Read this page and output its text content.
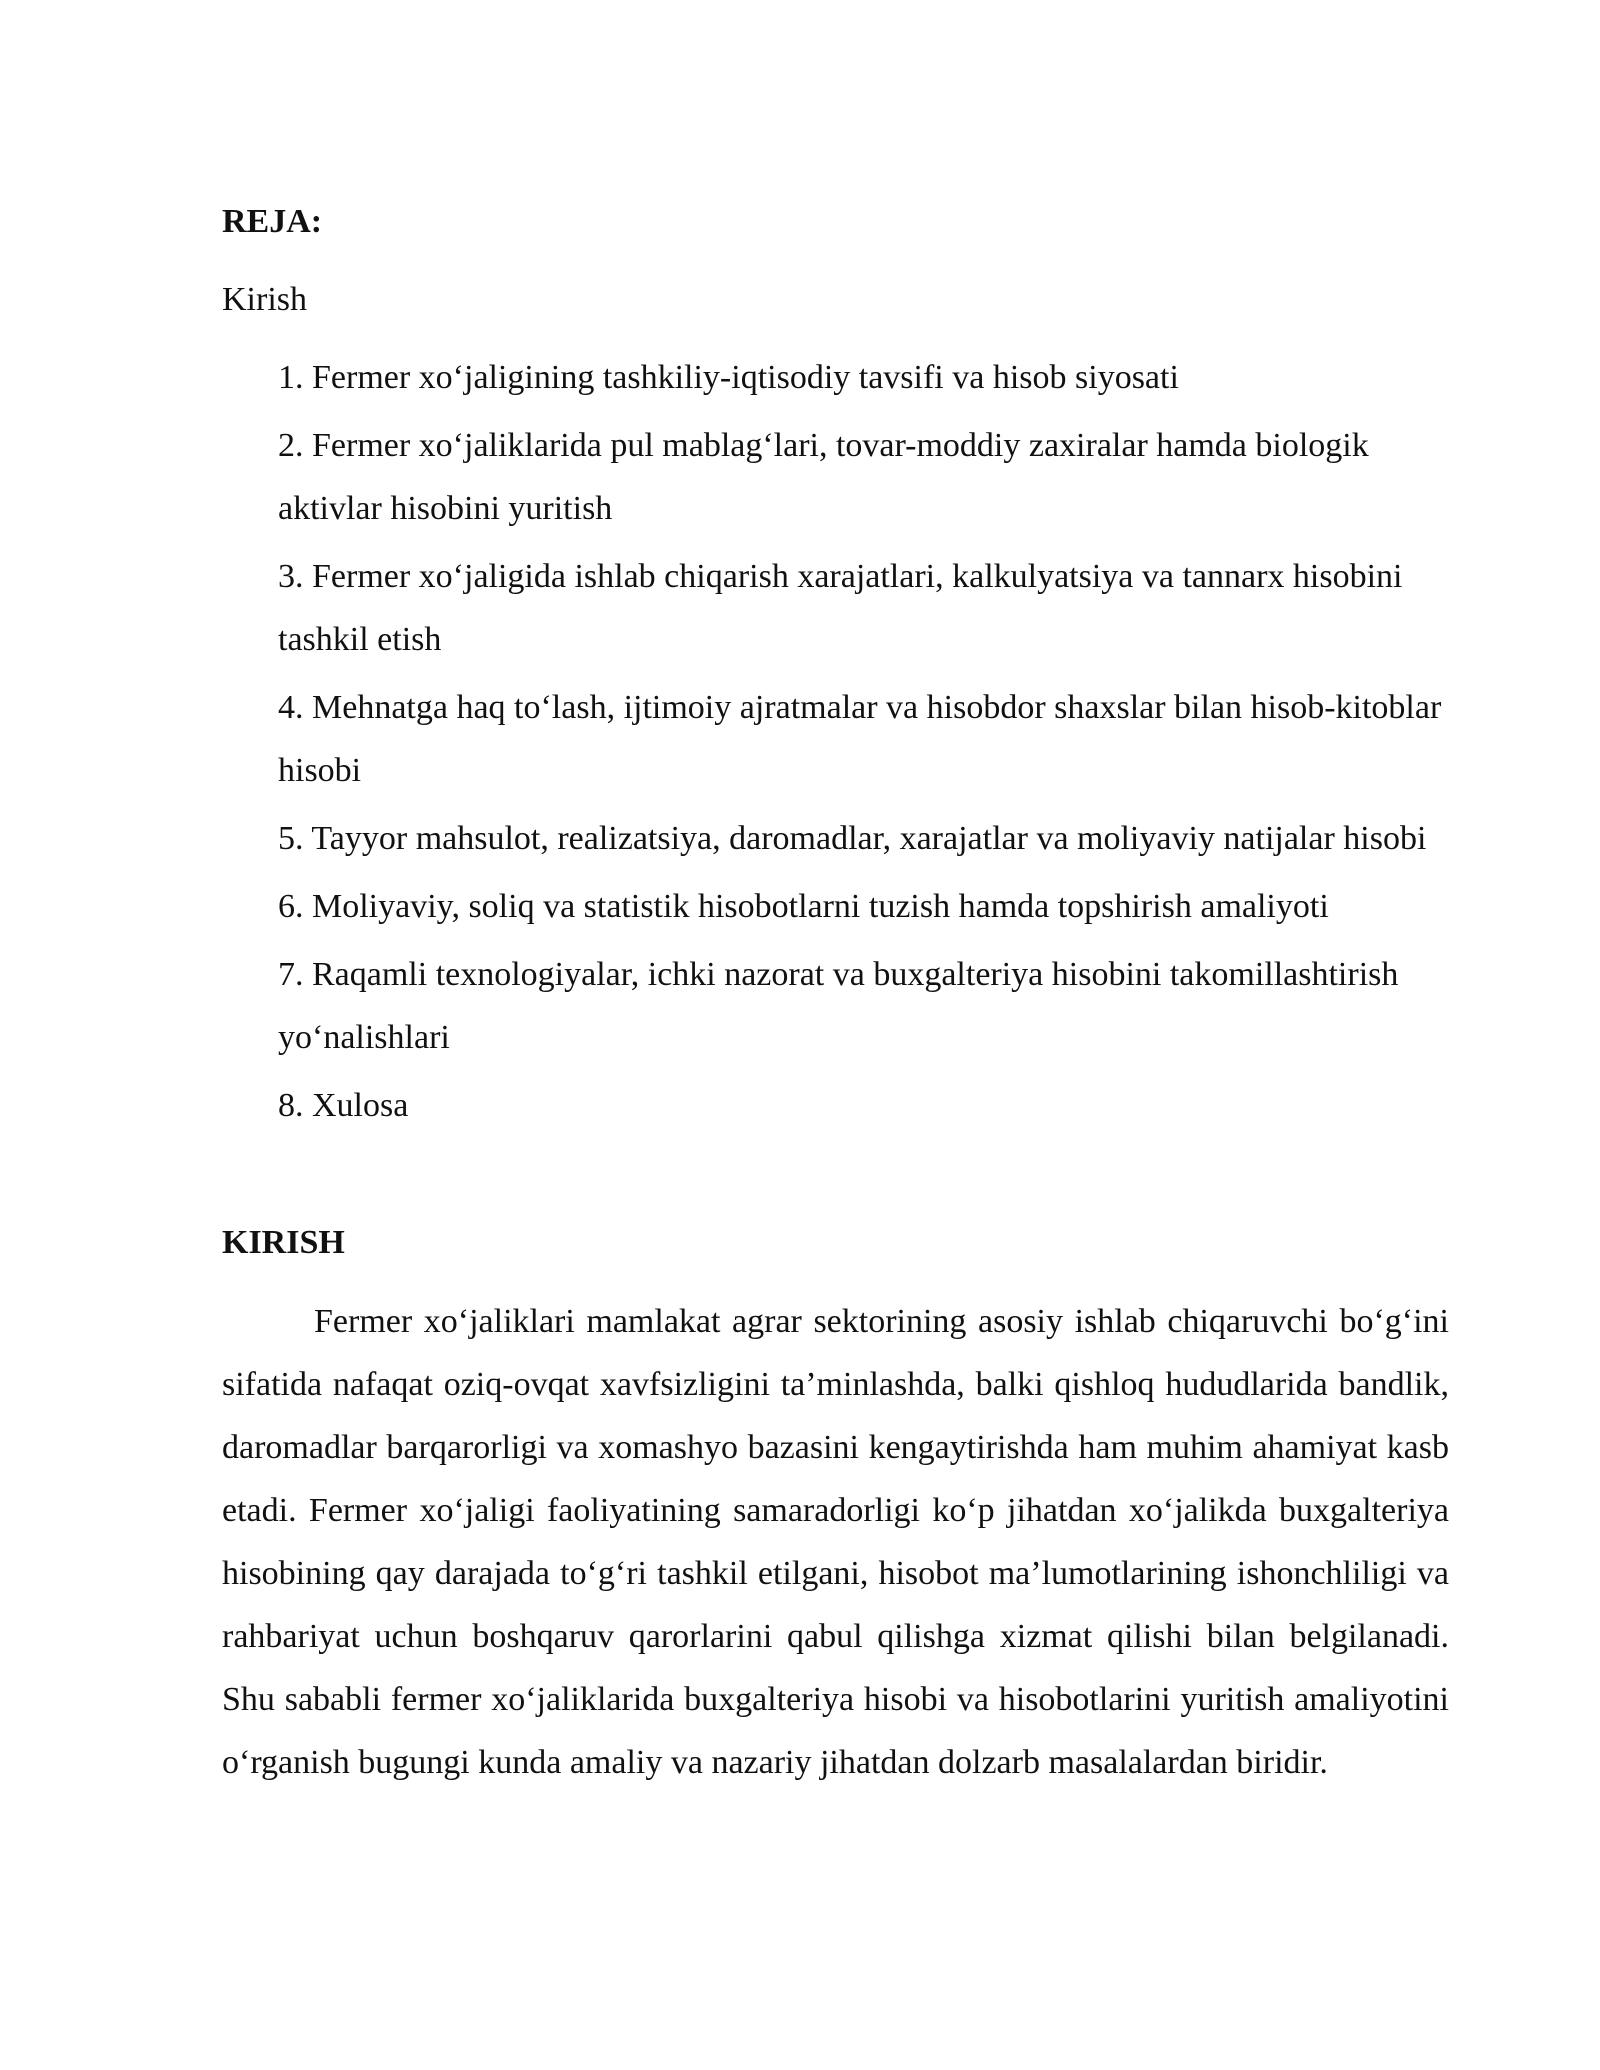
REJA:

Kirish

1. Fermer xo‘jaligining tashkiliy-iqtisodiy tavsifi va hisob siyosati
2. Fermer xo‘jaliklarida pul mablag‘lari, tovar-moddiy zaxiralar hamda biologik aktivlar hisobini yuritish
3. Fermer xo‘jaligida ishlab chiqarish xarajatlari, kalkulyatsiya va tannarx hisobini tashkil etish
4. Mehnatga haq to‘lash, ijtimoiy ajratmalar va hisobdor shaxslar bilan hisob-kitoblar hisobi
5. Tayyor mahsulot, realizatsiya, daromadlar, xarajatlar va moliyaviy natijalar hisobi
6. Moliyaviy, soliq va statistik hisobotlarni tuzish hamda topshirish amaliyoti
7. Raqamli texnologiyalar, ichki nazorat va buxgalteriya hisobini takomillashtirish yo‘nalishlari
8. Xulosa
KIRISH

Fermer xo‘jaliklari mamlakat agrar sektorining asosiy ishlab chiqaruvchi bo‘g‘ini sifatida nafaqat oziq-ovqat xavfsizligini ta’minlashda, balki qishloq hududlarida bandlik, daromadlar barqarorligi va xomashyo bazasini kengaytirishda ham muhim ahamiyat kasb etadi. Fermer xo‘jaligi faoliyatining samaradorligi ko‘p jihatdan xo‘jalikda buxgalteriya hisobining qay darajada to‘g‘ri tashkil etilgani, hisobot ma’lumotlarining ishonchliligi va rahbariyat uchun boshqaruv qarorlarini qabul qilishga xizmat qilishi bilan belgilanadi. Shu sababli fermer xo‘jaliklarida buxgalteriya hisobi va hisobotlarini yuritish amaliyotini o‘rganish bugungi kunda amaliy va nazariy jihatdan dolzarb masalalardan biridir.
